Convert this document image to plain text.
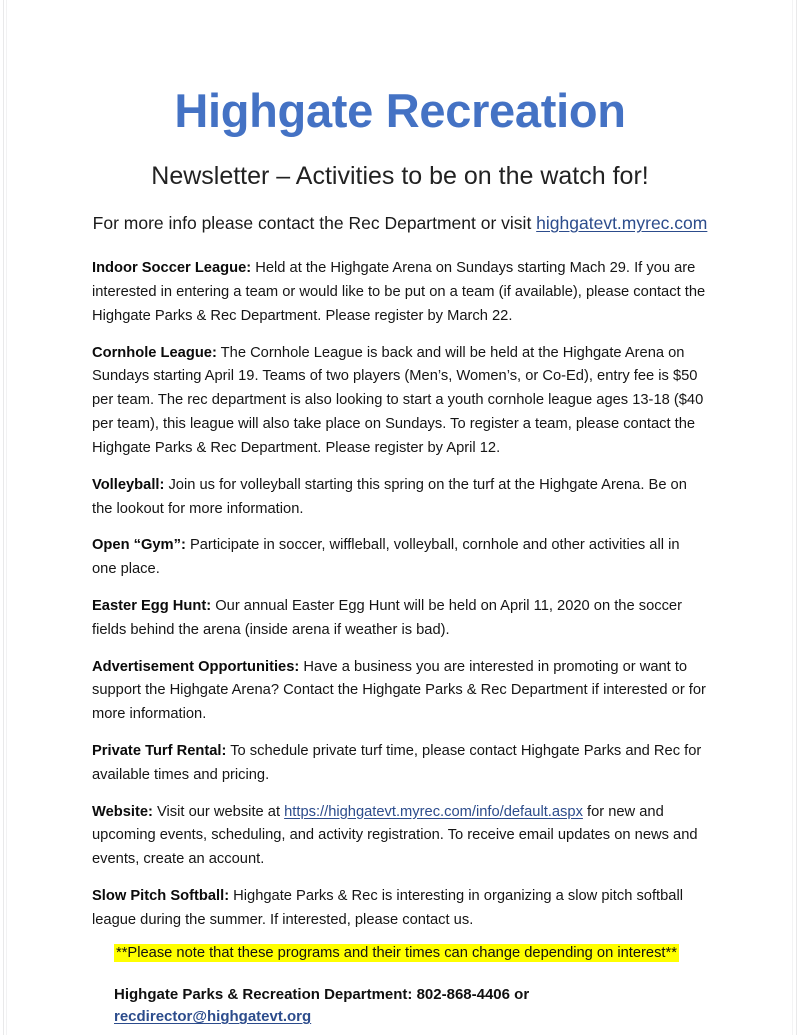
Highgate Recreation
Newsletter – Activities to be on the watch for!

For more info please contact the Rec Department or visit highgatevt.myrec.com

Indoor Soccer League: Held at the Highgate Arena on Sundays starting Mach 29. If you are interested in entering a team or would like to be put on a team (if available), please contact the Highgate Parks & Rec Department. Please register by March 22.

Cornhole League: The Cornhole League is back and will be held at the Highgate Arena on Sundays starting April 19. Teams of two players (Men’s, Women’s, or Co-Ed), entry fee is $50 per team. The rec department is also looking to start a youth cornhole league ages 13-18 ($40 per team), this league will also take place on Sundays. To register a team, please contact the Highgate Parks & Rec Department. Please register by April 12.

Volleyball: Join us for volleyball starting this spring on the turf at the Highgate Arena. Be on the lookout for more information.

Open “Gym”: Participate in soccer, wiffleball, volleyball, cornhole and other activities all in one place.

Easter Egg Hunt: Our annual Easter Egg Hunt will be held on April 11, 2020 on the soccer fields behind the arena (inside arena if weather is bad).

Advertisement Opportunities: Have a business you are interested in promoting or want to support the Highgate Arena? Contact the Highgate Parks & Rec Department if interested or for more information.

Private Turf Rental: To schedule private turf time, please contact Highgate Parks and Rec for available times and pricing.

Website: Visit our website at https://highgatevt.myrec.com/info/default.aspx for new and upcoming events, scheduling, and activity registration. To receive email updates on news and events, create an account.

Slow Pitch Softball: Highgate Parks & Rec is interesting in organizing a slow pitch softball league during the summer. If interested, please contact us.

**Please note that these programs and their times can change depending on interest**
Highgate Parks & Recreation Department: 802-868-4406 or recdirector@highgatevt.org
